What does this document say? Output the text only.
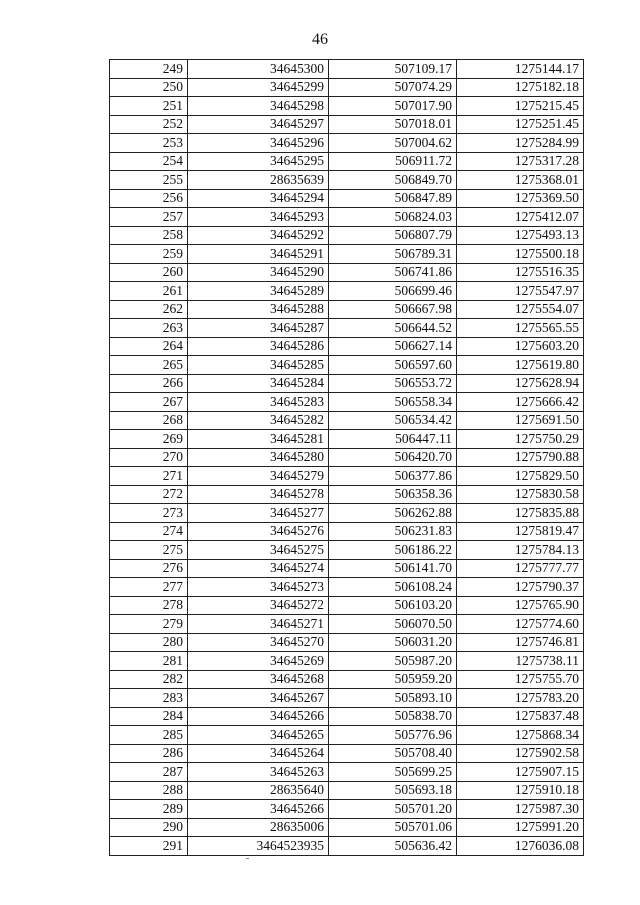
46
249	34645300	507109.17	1275144.17
250	34645299	507074.29	1275182.18
251	34645298	507017.90	1275215.45
252	34645297	507018.01	1275251.45
253	34645296	507004.62	1275284.99
254	34645295	506911.72	1275317.28
255	28635639	506849.70	1275368.01
256	34645294	506847.89	1275369.50
257	34645293	506824.03	1275412.07
258	34645292	506807.79	1275493.13
259	34645291	506789.31	1275500.18
260	34645290	506741.86	1275516.35
261	34645289	506699.46	1275547.97
262	34645288	506667.98	1275554.07
263	34645287	506644.52	1275565.55
264	34645286	506627.14	1275603.20
265	34645285	506597.60	1275619.80
266	34645284	506553.72	1275628.94
267	34645283	506558.34	1275666.42
268	34645282	506534.42	1275691.50
269	34645281	506447.11	1275750.29
270	34645280	506420.70	1275790.88
271	34645279	506377.86	1275829.50
272	34645278	506358.36	1275830.58
273	34645277	506262.88	1275835.88
274	34645276	506231.83	1275819.47
275	34645275	506186.22	1275784.13
276	34645274	506141.70	1275777.77
277	34645273	506108.24	1275790.37
278	34645272	506103.20	1275765.90
279	34645271	506070.50	1275774.60
280	34645270	506031.20	1275746.81
281	34645269	505987.20	1275738.11
282	34645268	505959.20	1275755.70
283	34645267	505893.10	1275783.20
284	34645266	505838.70	1275837.48
285	34645265	505776.96	1275868.34
286	34645264	505708.40	1275902.58
287	34645263	505699.25	1275907.15
288	28635640	505693.18	1275910.18
289	34645266	505701.20	1275987.30
290	28635006	505701.06	1275991.20
291	3464523935	505636.42	1276036.08
